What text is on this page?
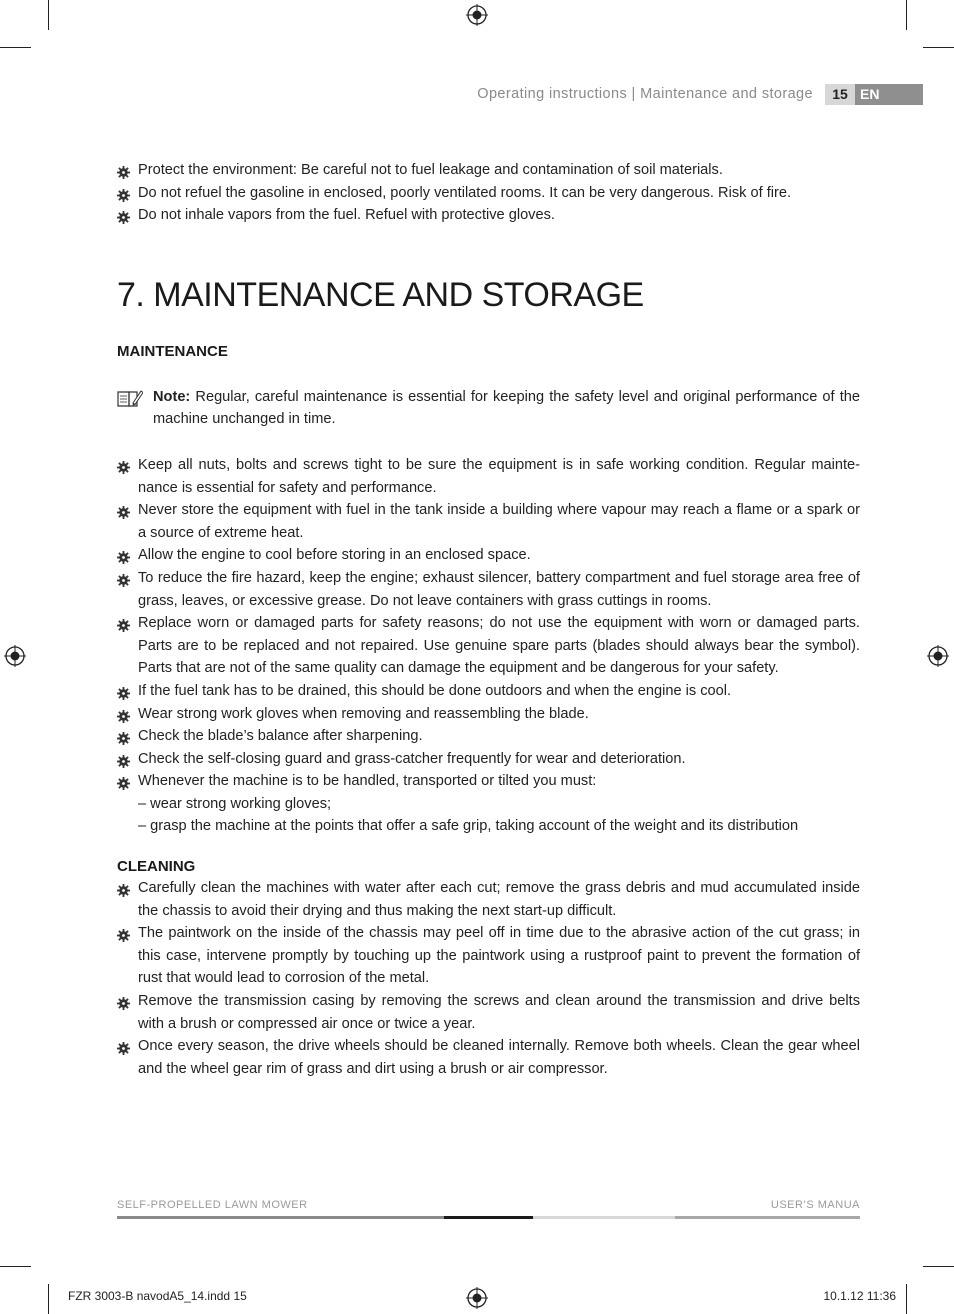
Operating instructions | Maintenance and storage	15 EN
Protect the environment: Be careful not to fuel leakage and contamination of soil materials.
Do not refuel the gasoline in enclosed, poorly ventilated rooms. It can be very dangerous. Risk of fire.
Do not inhale vapors from the fuel. Refuel with protective gloves.
7. MAINTENANCE AND STORAGE
MAINTENANCE
Note: Regular, careful maintenance is essential for keeping the safety level and original performance of the machine unchanged in time.
Keep all nuts, bolts and screws tight to be sure the equipment is in safe working condition. Regular mainte-nance is essential for safety and performance.
Never store the equipment with fuel in the tank inside a building where vapour may reach a flame or a spark or a source of extreme heat.
Allow the engine to cool before storing in an enclosed space.
To reduce the fire hazard, keep the engine; exhaust silencer, battery compartment and fuel storage area free of grass, leaves, or excessive grease. Do not leave containers with grass cuttings in rooms.
Replace worn or damaged parts for safety reasons; do not use the equipment with worn or damaged parts. Parts are to be replaced and not repaired. Use genuine spare parts (blades should always bear the symbol). Parts that are not of the same quality can damage the equipment and be dangerous for your safety.
If the fuel tank has to be drained, this should be done outdoors and when the engine is cool.
Wear strong work gloves when removing and reassembling the blade.
Check the blade’s balance after sharpening.
Check the self-closing guard and grass-catcher frequently for wear and deterioration.
Whenever the machine is to be handled, transported or tilted you must:
– wear strong working gloves;
– grasp the machine at the points that offer a safe grip, taking account of the weight and its distribution
CLEANING
Carefully clean the machines with water after each cut; remove the grass debris and mud accumulated inside the chassis to avoid their drying and thus making the next start-up difficult.
The paintwork on the inside of the chassis may peel off in time due to the abrasive action of the cut grass; in this case, intervene promptly by touching up the paintwork using a rustproof paint to prevent the formation of rust that would lead to corrosion of the metal.
Remove the transmission casing by removing the screws and clean around the transmission and drive belts with a brush or compressed air once or twice a year.
Once every season, the drive wheels should be cleaned internally. Remove both wheels. Clean the gear wheel and the wheel gear rim of grass and dirt using a brush or air compressor.
SELF-PROPELLED LAWN MOWER	USER’S MANUA
FZR 3003-B navodA5_14.indd 15	10.1.12 11:36
